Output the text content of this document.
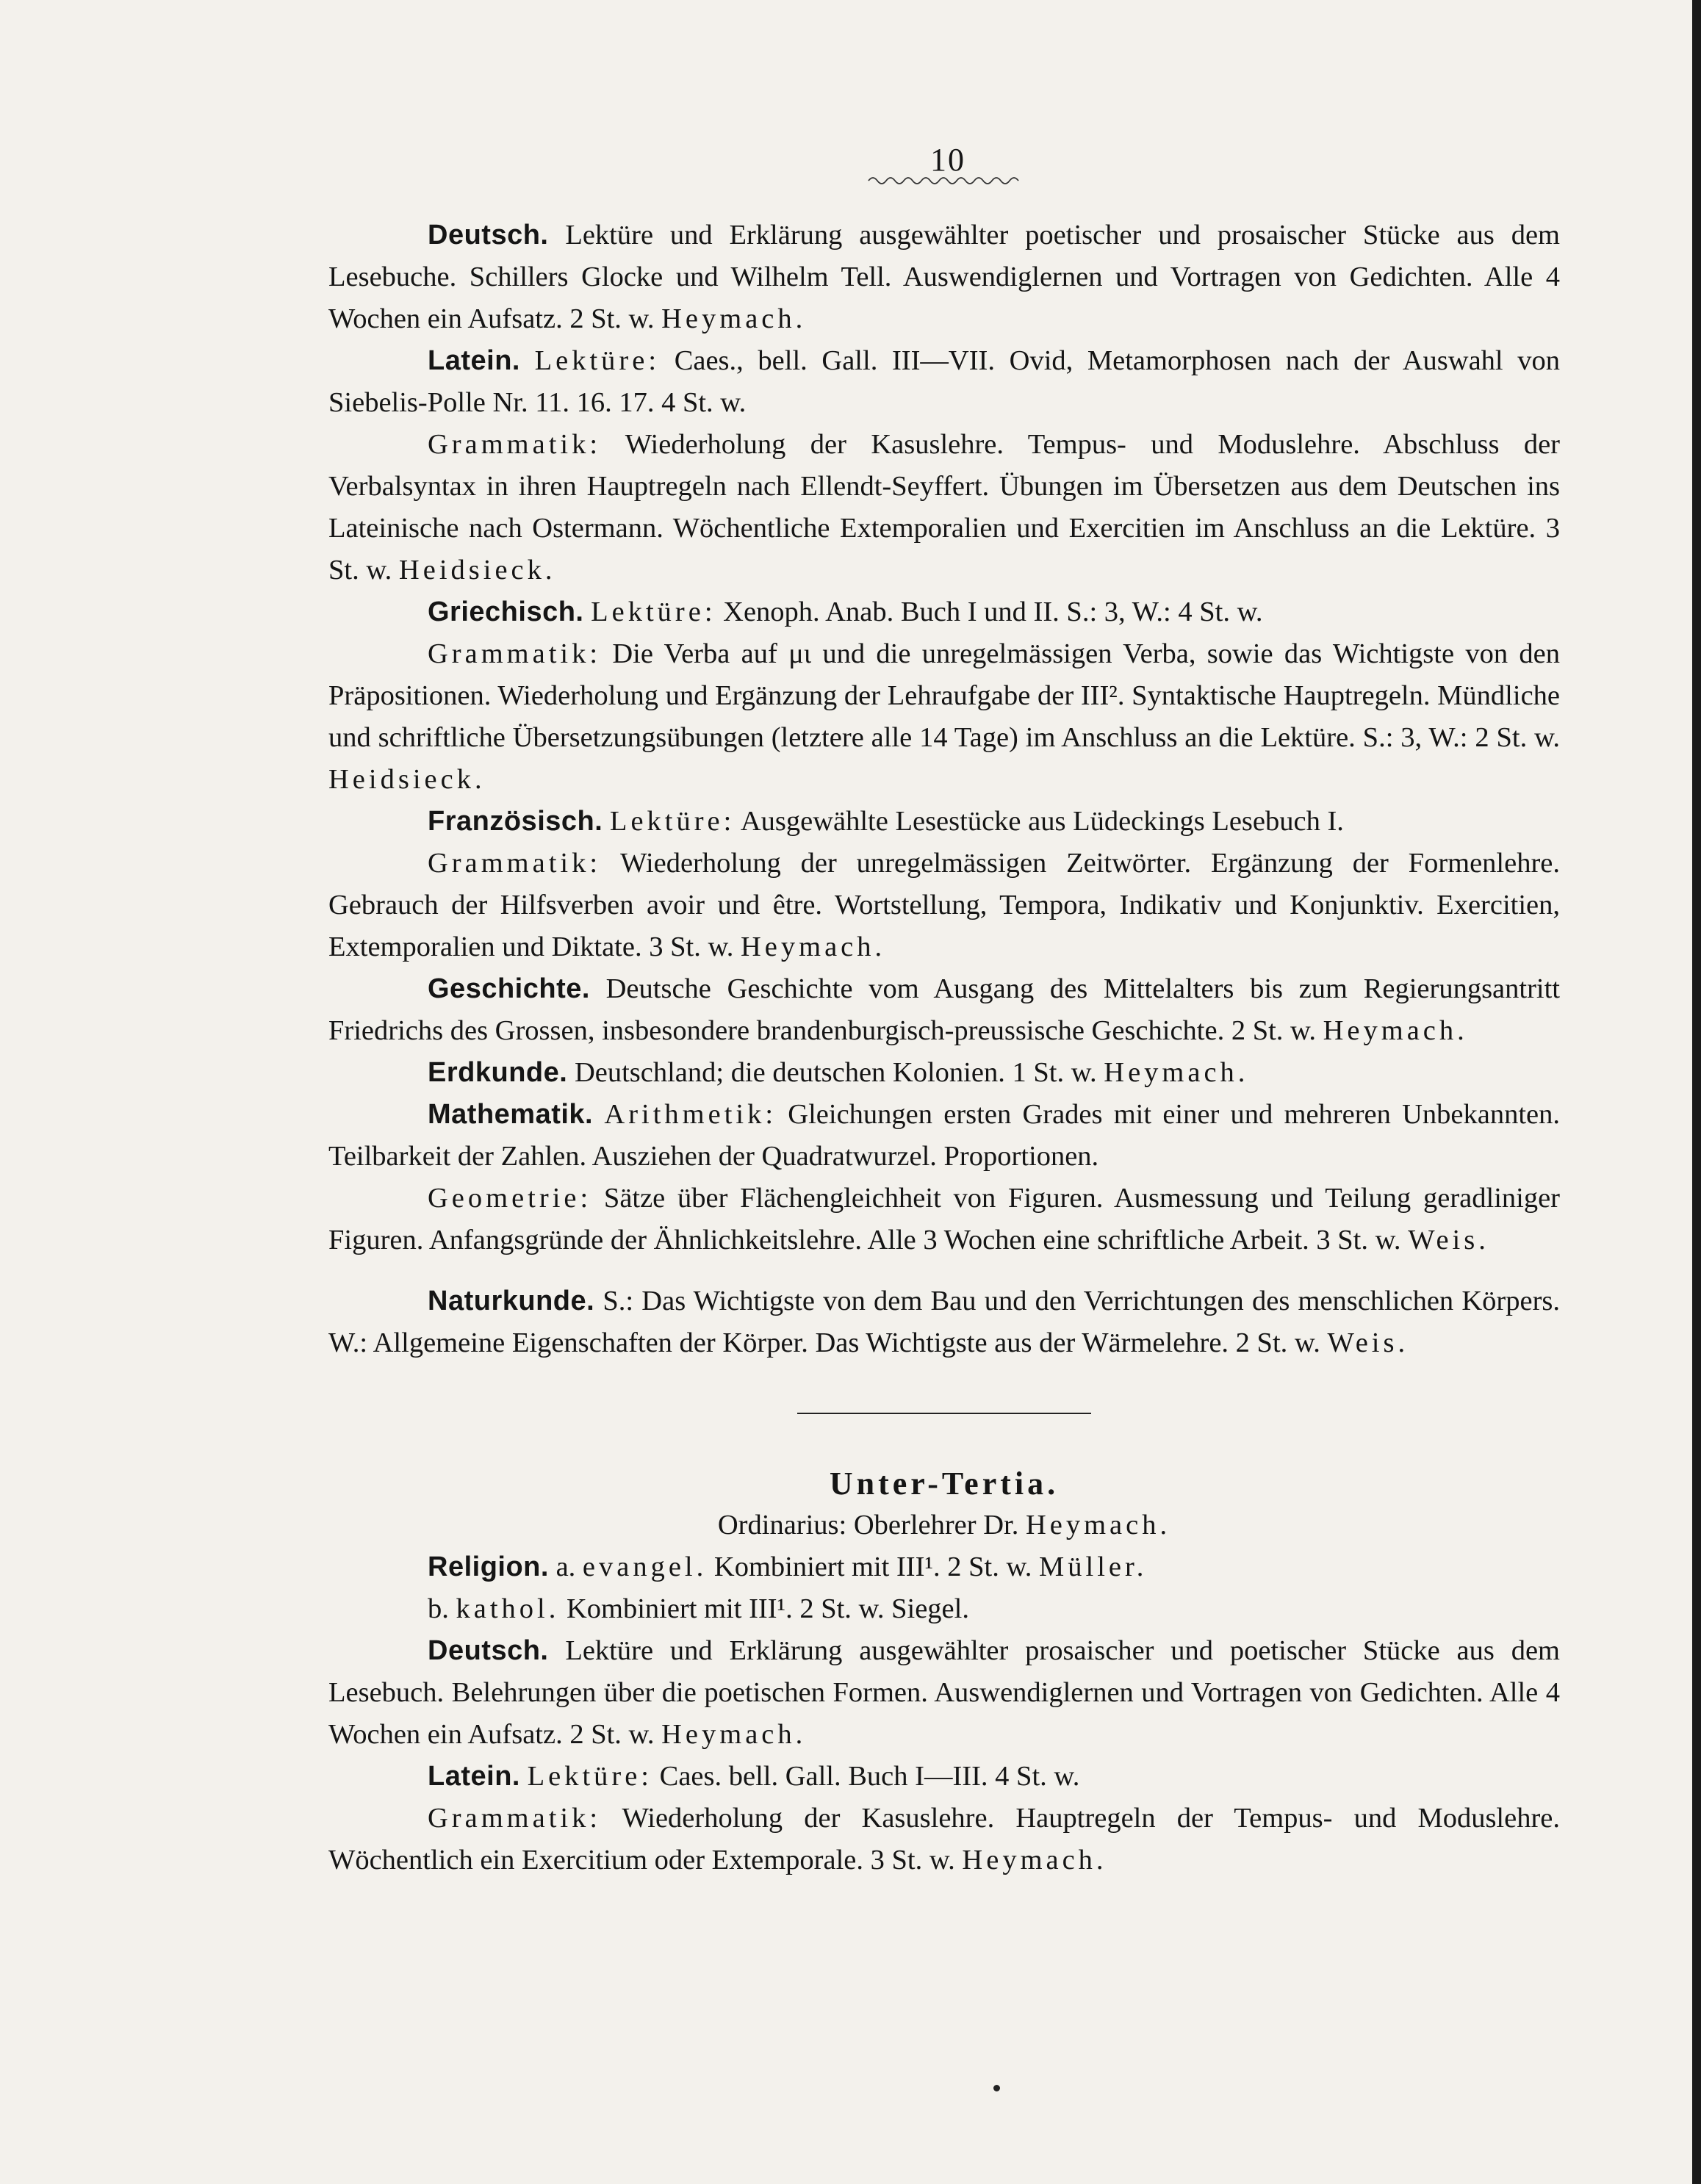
10

Deutsch. Lektüre und Erklärung ausgewählter poetischer und prosaischer Stücke aus dem Lesebuche. Schillers Glocke und Wilhelm Tell. Auswendiglernen und Vortragen von Gedichten. Alle 4 Wochen ein Aufsatz. 2 St. w. Heymach.

Latein. Lektüre: Caes., bell. Gall. III—VII. Ovid, Metamorphosen nach der Auswahl von Siebelis-Polle Nr. 11. 16. 17. 4 St. w.

Grammatik: Wiederholung der Kasuslehre. Tempus- und Moduslehre. Abschluss der Verbalsyntax in ihren Hauptregeln nach Ellendt-Seyffert. Übungen im Übersetzen aus dem Deutschen ins Lateinische nach Ostermann. Wöchentliche Extemporalien und Exercitien im Anschluss an die Lektüre. 3 St. w. Heidsieck.

Griechisch. Lektüre: Xenoph. Anab. Buch I und II. S.: 3, W.: 4 St. w.

Grammatik: Die Verba auf μι und die unregelmässigen Verba, sowie das Wichtigste von den Präpositionen. Wiederholung und Ergänzung der Lehraufgabe der III². Syntaktische Hauptregeln. Mündliche und schriftliche Übersetzungsübungen (letztere alle 14 Tage) im Anschluss an die Lektüre. S.: 3, W.: 2 St. w. Heidsieck.

Französisch. Lektüre: Ausgewählte Lesestücke aus Lüdeckings Lesebuch I.

Grammatik: Wiederholung der unregelmässigen Zeitwörter. Ergänzung der Formenlehre. Gebrauch der Hilfsverben avoir und être. Wortstellung, Tempora, Indikativ und Konjunktiv. Exercitien, Extemporalien und Diktate. 3 St. w. Heymach.

Geschichte. Deutsche Geschichte vom Ausgang des Mittelalters bis zum Regierungsantritt Friedrichs des Grossen, insbesondere brandenburgisch-preussische Geschichte. 2 St. w. Heymach.

Erdkunde. Deutschland; die deutschen Kolonien. 1 St. w. Heymach.

Mathematik. Arithmetik: Gleichungen ersten Grades mit einer und mehreren Unbekannten. Teilbarkeit der Zahlen. Ausziehen der Quadratwurzel. Proportionen.

Geometrie: Sätze über Flächengleichheit von Figuren. Ausmessung und Teilung geradliniger Figuren. Anfangsgründe der Ähnlichkeitslehre. Alle 3 Wochen eine schriftliche Arbeit. 3 St. w. Weis.

Naturkunde. S.: Das Wichtigste von dem Bau und den Verrichtungen des menschlichen Körpers. W.: Allgemeine Eigenschaften der Körper. Das Wichtigste aus der Wärmelehre. 2 St. w. Weis.

Unter-Tertia.

Ordinarius: Oberlehrer Dr. Heymach.

Religion. a. evangel. Kombiniert mit III¹. 2 St. w. Müller.

b. kathol. Kombiniert mit III¹. 2 St. w. Siegel.

Deutsch. Lektüre und Erklärung ausgewählter prosaischer und poetischer Stücke aus dem Lesebuch. Belehrungen über die poetischen Formen. Auswendiglernen und Vortragen von Gedichten. Alle 4 Wochen ein Aufsatz. 2 St. w. Heymach.

Latein. Lektüre: Caes. bell. Gall. Buch I—III. 4 St. w.

Grammatik: Wiederholung der Kasuslehre. Hauptregeln der Tempus- und Moduslehre. Wöchentlich ein Exercitium oder Extemporale. 3 St. w. Heymach.
